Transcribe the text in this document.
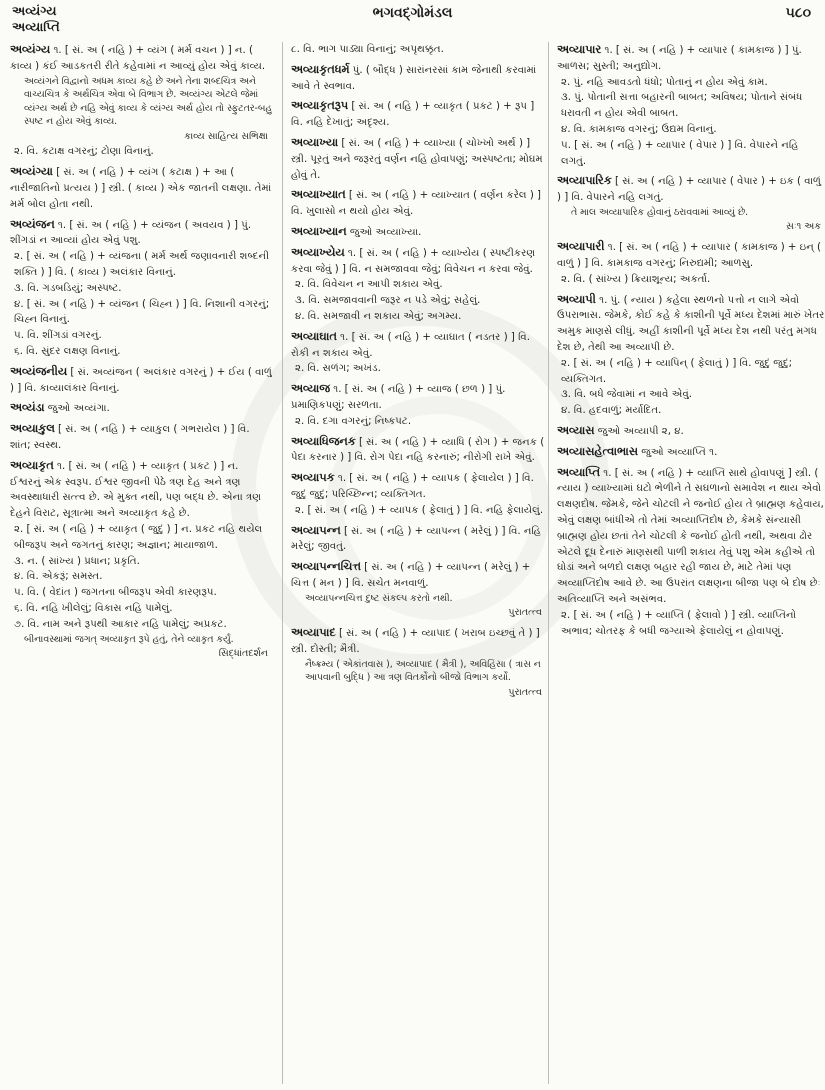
અવ્યંગ્ય
અવ્યાપ્તિ
ભગવદ્ગોમંડલ	૫૮૦
અવ્યંગ્ય ૧. [ સં. અ ( નહિ ) + વ્યંગ ( મર્મ વચન ) ] ન. ( કાવ્ય ) કંઈ આડકતરી રીતે કહેવામાં ન આવ્યું હોય એવું કાવ્ય.
અવ્યંગને વિદ્વાનો અધમ કાવ્ય કહે છે અને તેના શબ્દચિત્ર અને વાચ્યચિત્ર કે અર્થચિત્ર એવા બે વિભાગ છે. અવ્યંગ્ય એટલે જેમાં વ્યંગ્ય અર્થ છે નહિ એવું કાવ્ય કે વ્યંગ્ય અર્થ હોય તો સ્ફુટતર-બહુ સ્પષ્ટ ન હોય એવું કાવ્ય.
કાવ્ય સાહિત્ય સભિક્ષા
૨. વિ. કટાક્ષ વગરનું; ટોણા વિનાનું.
અવ્યંગ્યા [ સં. અ ( નહિ ) + વ્યંગ ( કટાક્ષ ) + આ ( નારીજાતિનો પ્રત્યય ) ] સ્ત્રી. ( કાવ્ય ) એક જાતની લક્ષણા. તેમાં મર્મ બોલ હોતા નથી.
અવ્યંજન ૧. [ સં. અ ( નહિ ) + વ્યંજન ( અવયવ ) ] પું. શીંગડાં ન આવ્યાં હોય એવું પશુ.
૨. [ સં. અ ( નહિ ) + વ્યંજના ( મર્મ અર્થ જણાવનારી શબ્દની શક્તિ ) ] વિ. ( કાવ્ય ) અલંકાર વિનાનું.
૩. વિ. ગડબડિયું; અસ્પષ્ટ.
૪. [ સં. અ ( નહિ ) + વ્યંજન ( ચિહ્ન ) ] વિ. નિશાની વગરનું; ચિહ્ન વિનાનું.
૫. વિ. શીંગડાં વગરનું.
૬. વિ. સુંદર લક્ષણ વિનાનું.
અવ્યંજનીય [ સં. અવ્યંજન ( અલંકાર વગરનું ) + ઈય ( વાળું ) ] વિ. કાવ્યાલંકાર વિનાનું.
અવ્યંડા જુઓ અવ્યંગા.
અવ્યાકુલ [ સં. અ ( નહિ ) + વ્યાકુલ ( ગભરાયેલ ) ] વિ. શાંત; સ્વસ્થ.
અવ્યાકૃત ૧. [ સં. અ ( નહિ ) + વ્યાકૃત ( પ્રકટ ) ] ન. ઈશ્વરનું એક સ્વરૂપ. ઈશ્વર જીવની પેઠે ત્રણ દેહ અને ત્રણ અવસ્થાધારી સત્ત્વ છે. એ મુક્ત નથી, પણ બદ્ધ છે. એના ત્રણ દેહને વિરાટ, સૂત્રાત્મા અને અવ્યાકૃત કહે છે.
૨. [ સં. અ ( નહિ ) + વ્યાકૃત ( જુદું ) ] ન. પ્રકટ નહિ થયેલ બીજરૂપ અને જગતનું કારણ; અજ્ઞાન; માયાજાળ.
૩. ન. ( સાંખ્ય ) પ્રધાન; પ્રકૃતિ.
૪. વિ. એકરૂં; સમસ્ત.
૫. વિ. ( વેદાંત ) જગતના બીજરૂપ એવી કારણરૂપ.
૬. વિ. નહિ ખીલેલું; વિકાસ નહિ પામેલું.
૭. વિ. નામ અને રૂપથી આકાર નહિ પામેલું; અપ્રકટ.
બીનાવસ્થામાં જગત્ અવ્યાકૃત રૂપે હતું, તેને વ્યાકૃત કર્યું.
સિદ્ધાંતદર્શન
૮. વિ. ભાગ પાડ્યા વિનાનું; અપૃથક્કૃત.
અવ્યાકૃતધર્મ પું. ( બૌદ્ધ ) સારાંનરસાં કામ જેનાથી કરવામાં આવે તે સ્વભાવ.
અવ્યાકૃતરૂપ [ સં. અ ( નહિ ) + વ્યાકૃત ( પ્રકટ ) + રૂપ ] વિ. નહિ દેખાતું; અદૃશ્ય.
અવ્યાખ્યા [ સં. અ ( નહિ ) + વ્યાખ્યા ( ચોખ્ખો અર્થ ) ] સ્ત્રી. પૂરતું અને જરૂરતું વર્ણન નહિ હોવાપણું; અસ્પષ્ટતા; મોઘમ હોવું તે.
અવ્યાખ્યાત [ સં. અ ( નહિ ) + વ્યાખ્યાત ( વર્ણન કરેલ ) ] વિ. ખુલાસો ન થયો હોય એવું.
અવ્યાખ્યાન જુઓ અવ્યાખ્યા.
અવ્યાખ્યેય ૧. [ સં. અ ( નહિ ) + વ્યાખ્યેય ( સ્પષ્ટીકરણ કરવા જેવું ) ] વિ. ન સમજાવવા જેવું; વિવેચન ન કરવા જેવું.
૨. વિ. વિવેચન ન આપી શકાય એવું.
૩. વિ. સમજાવવાની જરૂર ન પડે એવું; સહેલું.
૪. વિ. સમજાવી ન શકાય એવું; અગમ્ય.
અવ્યાઘાત ૧. [ સં. અ ( નહિ ) + વ્યાઘાત ( નડતર ) ] વિ. રોકી ન શકાય એવું.
૨. વિ. સળંગ; અખંડ.
અવ્યાજ ૧. [ સં. અ ( નહિ ) + વ્યાજ ( છળ ) ] પું. પ્રમાણિકપણું; સરળતા.
૨. વિ. દગા વગરનું; નિષ્કપટ.
અવ્યાધિજનક [ સં. અ ( નહિ ) + વ્યાધિ ( રોગ ) + જનક ( પેદા કરનાર ) ] વિ. રોગ પેદા નહિ કરનારું; નીરોગી રાખે એવું.
અવ્યાપક ૧. [ સં. અ ( નહિ ) + વ્યાપક ( ફેલાયેલ ) ] વિ. જુદું જુદું; પરિચ્છિન્ન; વ્યક્તિગત.
૨. [ સં. અ ( નહિ ) + વ્યાપક ( ફેલાતું ) ] વિ. નહિ ફેલાયેલું.
અવ્યાપન્ન [ સં. અ ( નહિ ) + વ્યાપન્ન ( મરેલું ) ] વિ. નહિ મરેલું; જીવતું.
અવ્યાપન્નચિત્ત [ સં. અ ( નહિ ) + વ્યાપન્ન ( મરેલું ) + ચિત્ત ( મન ) ] વિ. સચેત મનવાળું.
અવ્યાપન્નચિત્ત દુષ્ટ સંકલ્પ કરતો નથી.
પુરાતત્ત્વ
અવ્યાપાદ [ સં. અ ( નહિ ) + વ્યાપાદ ( ખરાબ ઇચ્છવું તે ) ] સ્ત્રી. દોસ્તી; મૈત્રી.
નૈષ્ક્રમ્ય ( એકાંતવાસ ), અવ્યાપાદ ( મૈત્રી ), અવિહિંસા ( ત્રાસ ન આપવાની બુદ્ધિ ) આ ત્રણ વિતર્કોનો બીજો વિભાગ કર્યો.
પુરાતત્ત્વ
અવ્યાપાર ૧. [ સં. અ ( નહિ ) + વ્યાપાર ( કામકાજ ) ] પું. આળસ; સુસ્તી; અનુદ્યોગ.
૨. પું. નહિ આવડતો ધંધો; પોતાનું ન હોય એવું કામ.
૩. પું. પોતાની સત્તા બહારની બાબત; અવિષય; પોતાને સંબંધ ધરાવતી ન હોય એવી બાબત.
૪. વિ. કામકાજ વગરનું; ઉદ્યમ વિનાનું.
૫. [ સં. અ ( નહિ ) + વ્યાપાર ( વેપાર ) ] વિ. વેપારને નહિ લગતું.
અવ્યાપારિક [ સં. અ ( નહિ ) + વ્યાપાર ( વેપાર ) + ઇક ( વાળું ) ] વિ. વેપારને નહિ લગતું.
તે માલ અવ્યાપારિક હોવાનું ઠરાવવામાં આવ્યું છે.
સ઼ઃ૧ અક
અવ્યાપારી ૧. [ સં. અ ( નહિ ) + વ્યાપાર ( કામકાજ ) + ઇન્ ( વાળું ) ] વિ. કામકાજ વગરનું; નિરુદ્યમી; આળસુ.
૨. વિ. ( સાંખ્ય ) ક્રિયાશૂન્ય; અકર્તા.
અવ્યાપી ૧. પું. ( ન્યાય ) કહેલા સ્થળનો પત્તો ન લાગે એવો ઉપરાભાસ. જેમકે, કોઈ કહે કે કાશીની પૂર્વે મધ્ય દેશમાં મારું ખેતર અમુક માણસે લીધું. અહીં કાશીની પૂર્વે મધ્ય દેશ નથી પરંતુ મગધ દેશ છે, તેથી આ અવ્યાપી છે.
૨. [ સં. અ ( નહિ ) + વ્યાપિન્ ( ફેલાતું ) ] વિ. જુદું જુદું; વ્યક્તિગત.
૩. વિ. બધે જેવામાં ન આવે એવું.
૪. વિ. હદવાળું; મર્યાદિત.
અવ્યાસ જુઓ અવ્યાપી ૨, ૪.
અવ્યાસહેત્વાભાસ જુઓ અવ્યાપ્તિ ૧.
અવ્યાપ્તિ ૧. [ સં. અ ( નહિ ) + વ્યાપ્તિ સાથે હોવાપણું ] સ્ત્રી. ( ન્યાય ) વ્યાખ્યામાં ઘટો ભેળીને તે સઘળાનો સમાવેશ ન થાય એવો લક્ષણદોષ. જેમકે, જેને ચોટલી ને જનોઈ હોય તે બ્રાહ્મણ કહેવાય, એવું લક્ષણ બાંધીએ તો તેમાં અવ્યાપ્તિદોષ છે, કેમકે સંન્યાસી બ્રાહ્મણ હોય છતાં તેને ચોટલી કે જનોઈ હોતી નથી, અથવા ઢોર એટલે દૂધ દેનારું માણસથી પાળી શકાય તેવું પશુ એમ કહીએ તો ઘોડાં અને બળદો લક્ષણ બહાર રહી જાય છે, માટે તેમાં પણ અવ્યાપ્તિદોષ આવે છે. આ ઉપરાંત લક્ષણના બીજા પણ બે દોષ છેઃ અતિવ્યાપ્તિ અને અસંભવ.
૨. [ સં. અ ( નહિ ) + વ્યાપ્તિ ( ફેલાવો ) ] સ્ત્રી. વ્યાપ્તિનો અભાવ; ચોતરફ કે બધી જગ્યાએ ફેલાયેલું ન હોવાપણું.
